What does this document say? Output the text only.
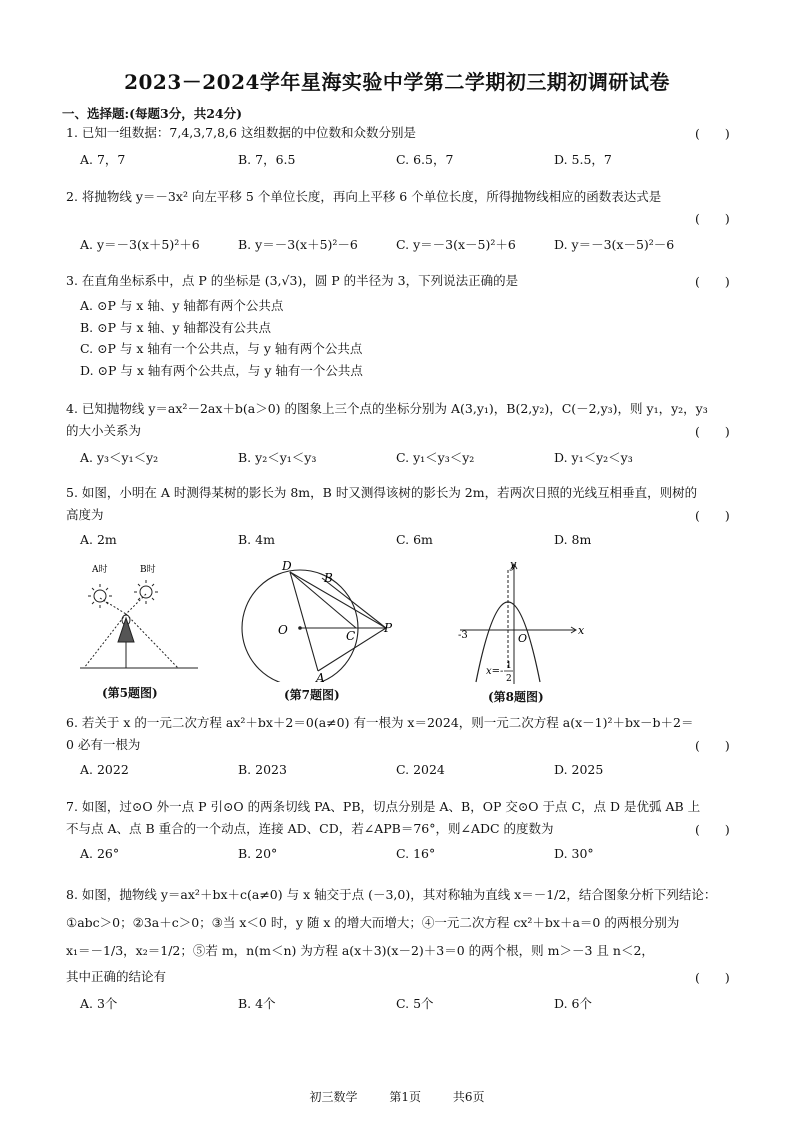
2023－2024学年星海实验中学第二学期初三期初调研试卷
一、选择题:(每题3分，共24分)
1. 已知一组数据：7,4,3,7,8,6 这组数据的中位数和众数分别是	(　　)
A. 7，7	B. 7，6.5	C. 6.5，7	D. 5.5，7
2. 将抛物线 y＝－3x² 向左平移 5 个单位长度，再向上平移 6 个单位长度，所得抛物线相应的函数表达式是
(　　)
A. y＝－3(x＋5)²＋6	B. y＝－3(x＋5)²－6	C. y＝－3(x－5)²＋6	D. y＝－3(x－5)²－6
3. 在直角坐标系中，点 P 的坐标是 (3,√3)，圆 P 的半径为 3，下列说法正确的是	(　　)
A. ⊙P 与 x 轴、y 轴都有两个公共点
B. ⊙P 与 x 轴、y 轴都没有公共点
C. ⊙P 与 x 轴有一个公共点，与 y 轴有两个公共点
D. ⊙P 与 x 轴有两个公共点，与 y 轴有一个公共点
4. 已知抛物线 y＝ax²－2ax＋b(a＞0) 的图象上三个点的坐标分别为 A(3,y₁)，B(2,y₂)，C(－2,y₃)，则 y₁，y₂，y₃
的大小关系为	(　　)
A. y₃＜y₁＜y₂	B. y₂＜y₁＜y₃	C. y₁＜y₃＜y₂	D. y₁＜y₂＜y₃
5. 如图，小明在 A 时测得某树的影长为 8m，B 时又测得该树的影长为 2m，若两次日照的光线互相垂直，则树的
高度为	(　　)
A. 2m	B. 4m	C. 6m	D. 8m
A时	B时
(第5题图)
D
B
O	C
P
A
(第7题图)
y
x
O
-3
x=- 1
2
(第8题图)
6. 若关于 x 的一元二次方程 ax²＋bx＋2＝0(a≠0) 有一根为 x＝2024，则一元二次方程 a(x－1)²＋bx－b＋2＝
0 必有一根为	(　　)
A. 2022	B. 2023	C. 2024	D. 2025
7. 如图，过⊙O 外一点 P 引⊙O 的两条切线 PA、PB，切点分别是 A、B，OP 交⊙O 于点 C，点 D 是优弧 AB 上
不与点 A、点 B 重合的一个动点，连接 AD、CD，若∠APB＝76°，则∠ADC 的度数为	(　　)
A. 26°	B. 20°	C. 16°	D. 30°
8. 如图，抛物线 y＝ax²＋bx＋c(a≠0) 与 x 轴交于点 (－3,0)，其对称轴为直线 x＝－1/2，结合图象分析下列结论：
①abc＞0；②3a＋c＞0；③当 x＜0 时，y 随 x 的增大而增大；④一元二次方程 cx²＋bx＋a＝0 的两根分别为
x₁＝－1/3，x₂＝1/2；⑤若 m，n(m＜n) 为方程 a(x＋3)(x－2)＋3＝0 的两个根，则 m＞－3 且 n＜2，
其中正确的结论有	(　　)
A. 3个	B. 4个	C. 5个	D. 6个
初三数学	第1页	共6页
